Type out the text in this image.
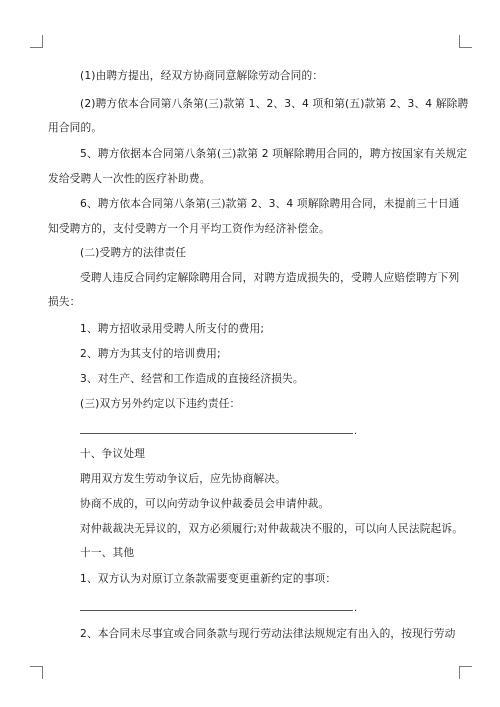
(1)由聘方提出，经双方协商同意解除劳动合同的：
(2)聘方依本合同第八条第(三)款第 1、2、3、4 项和第(五)款第 2、3、4 解除聘
用合同的。
5、聘方依据本合同第八条第(三)款第 2 项解除聘用合同的，聘方按国家有关规定
发给受聘人一次性的医疗补助费。
6、聘方依本合同第八条第(三)款第 2、3、4 项解除聘用合同，未提前三十日通
知受聘方的，支付受聘方一个月平均工资作为经济补偿金。
(二)受聘方的法律责任
受聘人违反合同约定解除聘用合同，对聘方造成损失的，受聘人应赔偿聘方下列
损失：
1、聘方招收录用受聘人所支付的费用;
2、聘方为其支付的培训费用;
3、对生产、经营和工作造成的直接经济损失。
(三)双方另外约定以下违约责任：
.
十、争议处理
聘用双方发生劳动争议后，应先协商解决。
协商不成的，可以向劳动争议仲裁委员会申请仲裁。
对仲裁裁决无异议的，双方必须履行;对仲裁裁决不服的，可以向人民法院起诉。
十一、其他
1、双方认为对原订立条款需要变更重新约定的事项：
.
2、本合同未尽事宜或合同条款与现行劳动法律法规规定有出入的，按现行劳动
